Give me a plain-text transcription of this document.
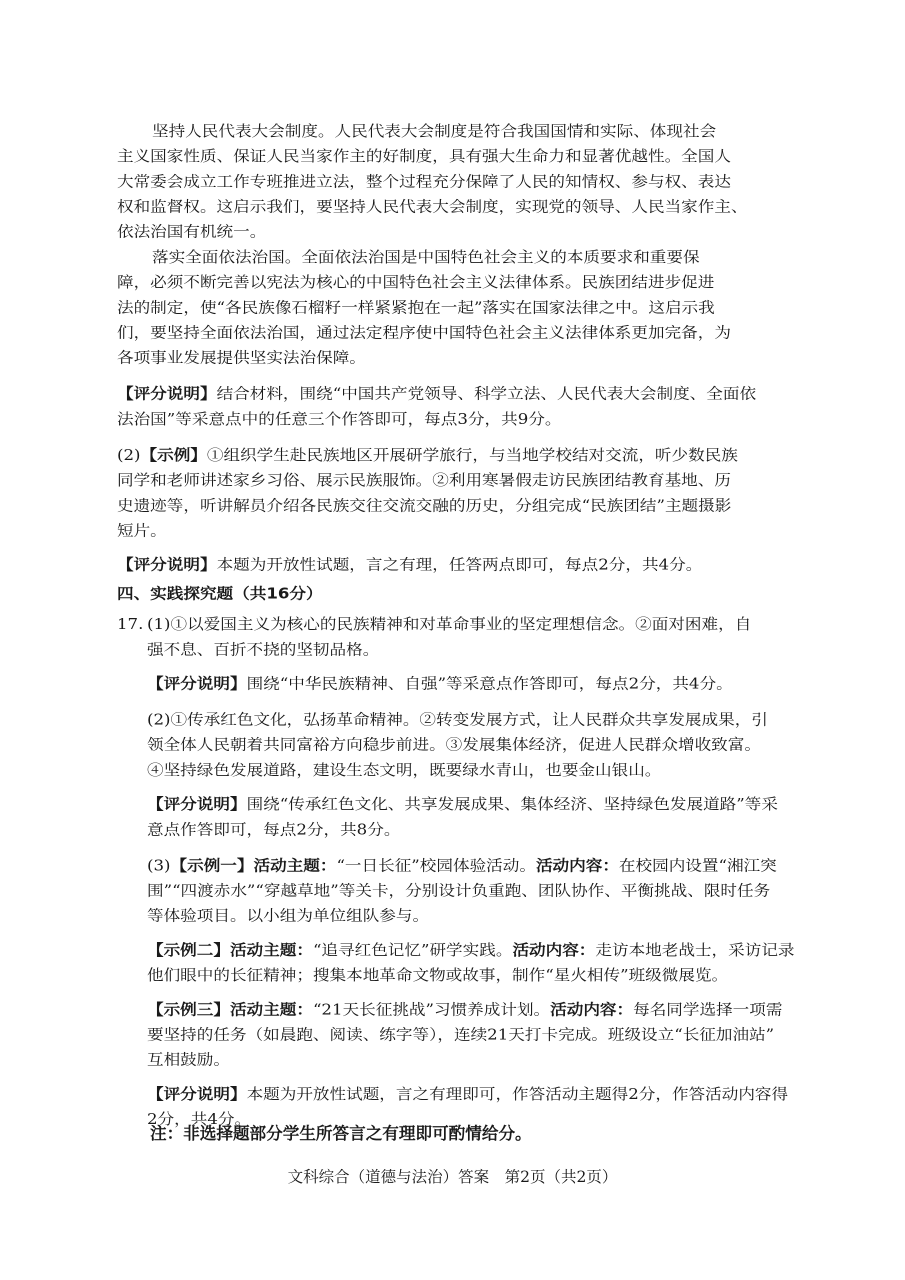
坚持人民代表大会制度。人民代表大会制度是符合我国国情和实际、体现社会
主义国家性质、保证人民当家作主的好制度，具有强大生命力和显著优越性。全国人
大常委会成立工作专班推进立法，整个过程充分保障了人民的知情权、参与权、表达
权和监督权。这启示我们，要坚持人民代表大会制度，实现党的领导、人民当家作主、
依法治国有机统一。
落实全面依法治国。全面依法治国是中国特色社会主义的本质要求和重要保
障，必须不断完善以宪法为核心的中国特色社会主义法律体系。民族团结进步促进
法的制定，使“各民族像石榴籽一样紧紧抱在一起”落实在国家法律之中。这启示我
们，要坚持全面依法治国，通过法定程序使中国特色社会主义法律体系更加完备，为
各项事业发展提供坚实法治保障。
【评分说明】结合材料，围绕“中国共产党领导、科学立法、人民代表大会制度、全面依
法治国”等采意点中的任意三个作答即可，每点3分，共9分。
(2)【示例】①组织学生赴民族地区开展研学旅行，与当地学校结对交流，听少数民族
同学和老师讲述家乡习俗、展示民族服饰。②利用寒暑假走访民族团结教育基地、历
史遗迹等，听讲解员介绍各民族交往交流交融的历史，分组完成“民族团结”主题摄影
短片。
【评分说明】本题为开放性试题，言之有理，任答两点即可，每点2分，共4分。
四、实践探究题（共16分）
17. (1)①以爱国主义为核心的民族精神和对革命事业的坚定理想信念。②面对困难，自
强不息、百折不挠的坚韧品格。
【评分说明】围绕“中华民族精神、自强”等采意点作答即可，每点2分，共4分。
(2)①传承红色文化，弘扬革命精神。②转变发展方式，让人民群众共享发展成果，引
领全体人民朝着共同富裕方向稳步前进。③发展集体经济，促进人民群众增收致富。
④坚持绿色发展道路，建设生态文明，既要绿水青山，也要金山银山。
【评分说明】围绕“传承红色文化、共享发展成果、集体经济、坚持绿色发展道路”等采
意点作答即可，每点2分，共8分。
(3)【示例一】活动主题：“一日长征”校园体验活动。活动内容：在校园内设置“湘江突
围”“四渡赤水”“穿越草地”等关卡，分别设计负重跑、团队协作、平衡挑战、限时任务
等体验项目。以小组为单位组队参与。
【示例二】活动主题：“追寻红色记忆”研学实践。活动内容：走访本地老战士，采访记录
他们眼中的长征精神；搜集本地革命文物或故事，制作“星火相传”班级微展览。
【示例三】活动主题：“21天长征挑战”习惯养成计划。活动内容：每名同学选择一项需
要坚持的任务（如晨跑、阅读、练字等），连续21天打卡完成。班级设立“长征加油站”
互相鼓励。
【评分说明】本题为开放性试题，言之有理即可，作答活动主题得2分，作答活动内容得
2分，共4分。
注：非选择题部分学生所答言之有理即可酌情给分。
文科综合（道德与法治）答案　第2页（共2页）
